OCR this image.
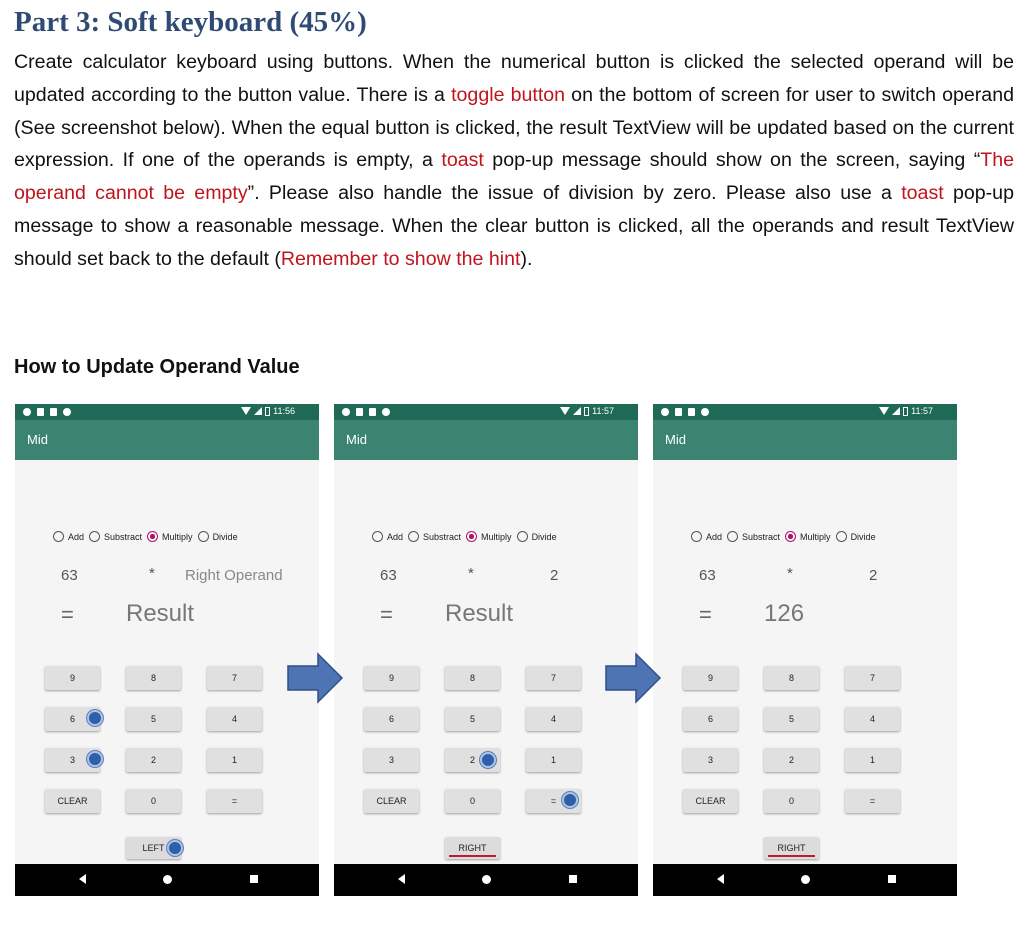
Part 3: Soft keyboard (45%)
Create calculator keyboard using buttons. When the numerical button is clicked the selected operand will be updated according to the button value. There is a toggle button on the bottom of screen for user to switch operand (See screenshot below). When the equal button is clicked, the result TextView will be updated based on the current expression. If one of the operands is empty, a toast pop-up message should show on the screen, saying “The operand cannot be empty”. Please also handle the issue of division by zero. Please also use a toast pop-up message to show a reasonable message. When the clear button is clicked, all the operands and result TextView should set back to the default (Remember to show the hint).
How to Update Operand Value
11:56
Mid
Add Substract Multiply Divide
63	* Right Operand
= Result
9	8	7
6	5	4
3	2	1
CLEAR	0	=
LEFT
11:57
Mid
Add Substract Multiply Divide
63	*	2
= Result
9	8	7
6	5	4
3	2	1
CLEAR	0	=
RIGHT
11:57
Mid
Add Substract Multiply Divide
63	*	2
= 126
9	8	7
6	5	4
3	2	1
CLEAR	0	=
RIGHT
